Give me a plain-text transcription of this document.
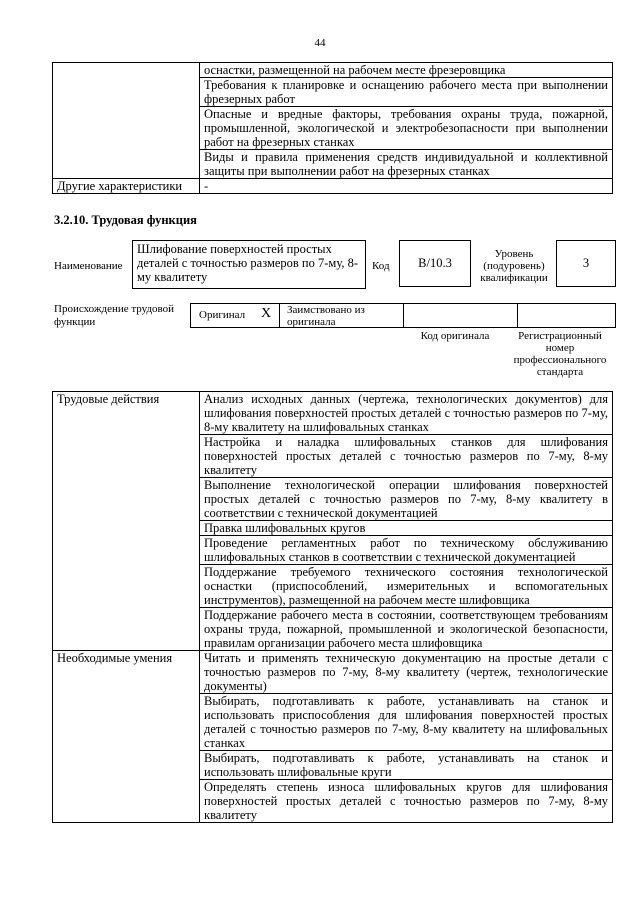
44
	оснастки, размещенной на рабочем месте фрезеровщика
	Требования к планировке и оснащению рабочего места при выполнении фрезерных работ
	Опасные и вредные факторы, требования охраны труда, пожарной, промышленной, экологической и электробезопасности при выполнении работ на фрезерных станках
	Виды и правила применения средств индивидуальной и коллективной защиты при выполнении работ на фрезерных станках
Другие характеристики	-
3.2.10. Трудовая функция
Наименование
Шлифование поверхностей простых деталей с точностью размеров по 7-му, 8-му квалитету
Код	B/10.3
Уровень (подуровень) квалификации
3
Происхождение трудовой функции
Оригинал X Заимствовано из оригинала
Код оригинала	Регистрационный номер профессионального стандарта
Трудовые действия	Анализ исходных данных (чертежа, технологических документов) для шлифования поверхностей простых деталей с точностью размеров по 7-му, 8-му квалитету на шлифовальных станках
	Настройка и наладка шлифовальных станков для шлифования поверхностей простых деталей с точностью размеров по 7-му, 8-му квалитету
	Выполнение технологической операции шлифования поверхностей простых деталей с точностью размеров по 7-му, 8-му квалитету в соответствии с технической документацией
	Правка шлифовальных кругов
	Проведение регламентных работ по техническому обслуживанию шлифовальных станков в соответствии с технической документацией
	Поддержание требуемого технического состояния технологической оснастки (приспособлений, измерительных и вспомогательных инструментов), размещенной на рабочем месте шлифовщика
	Поддержание рабочего места в состоянии, соответствующем требованиям охраны труда, пожарной, промышленной и экологической безопасности, правилам организации рабочего места шлифовщика
Необходимые умения	Читать и применять техническую документацию на простые детали с точностью размеров по 7-му, 8-му квалитету (чертеж, технологические документы)
	Выбирать, подготавливать к работе, устанавливать на станок и использовать приспособления для шлифования поверхностей простых деталей с точностью размеров по 7-му, 8-му квалитету на шлифовальных станках
	Выбирать, подготавливать к работе, устанавливать на станок и использовать шлифовальные круги
	Определять степень износа шлифовальных кругов для шлифования поверхностей простых деталей с точностью размеров по 7-му, 8-му квалитету
